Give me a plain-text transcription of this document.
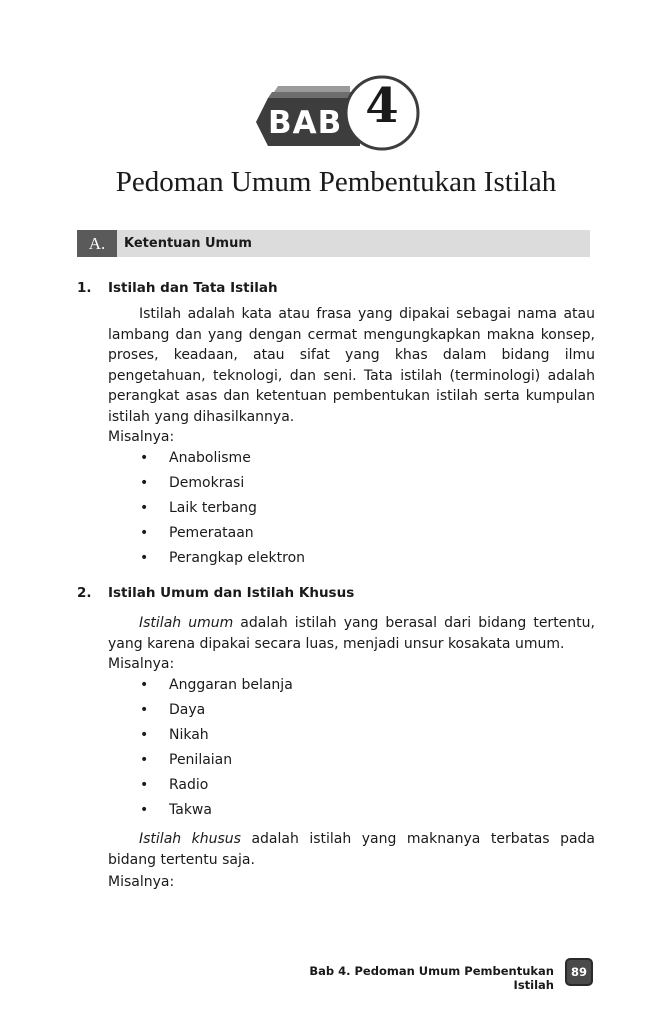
BAB 4
Pedoman Umum Pembentukan Istilah
A.	Ketentuan Umum
1. Istilah dan Tata Istilah

Istilah adalah kata atau frasa yang dipakai sebagai nama atau lambang dan yang dengan cermat mengungkapkan makna konsep, proses, keadaan, atau sifat yang khas dalam bidang ilmu pengetahuan, teknologi, dan seni. Tata istilah (terminologi) adalah perangkat asas dan ketentuan pembentukan istilah serta kumpulan istilah yang dihasilkannya.

Misalnya:
•	Anabolisme
•	Demokrasi
•	Laik terbang
•	Pemerataan
•	Perangkap elektron
2. Istilah Umum dan Istilah Khusus

Istilah umum adalah istilah yang berasal dari bidang tertentu, yang karena dipakai secara luas, menjadi unsur kosakata umum.

Misalnya:
•	Anggaran belanja
•	Daya
•	Nikah
•	Penilaian
•	Radio
•	Takwa

Istilah khusus adalah istilah yang maknanya terbatas pada bidang tertentu saja.

Misalnya:
Bab 4. Pedoman Umum Pembentukan Istilah
89
